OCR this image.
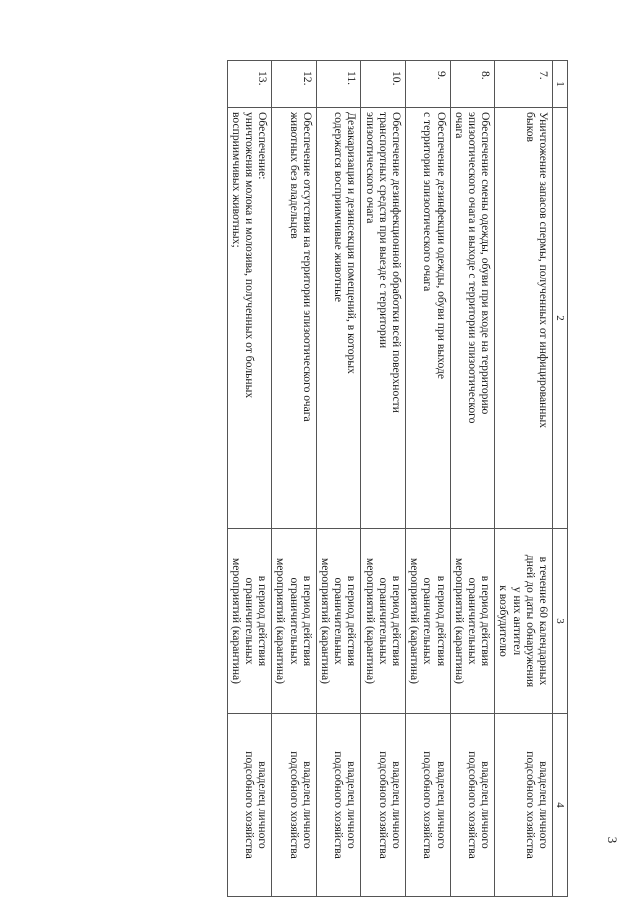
3
1	2	3	4
7.	Уничтожение запасов спермы, полученных от инфицированных
быков	в течение 60 календарных
дней до даты обнаружения
у них антител
к возбудителю	владелец личного
подсобного хозяйства

8.	Обеспечение смены одежды, обуви при входе на территорию
эпизоотического очага и выходе с территории эпизоотического
очага	в период действия
ограничительных
мероприятий (карантина)	владелец личного
подсобного хозяйства

9.	Обеспечение дезинфекции одежды, обуви при выходе
с территории эпизоотического очага	в период действия
ограничительных
мероприятий (карантина)	владелец личного
подсобного хозяйства

10.	Обеспечение дезинфекционной обработки всей поверхности
транспортных средств при выезде с территории
эпизоотического очага	в период действия
ограничительных
мероприятий (карантина)	владелец личного
подсобного хозяйства

11.	Дезакаризация и дезинсекция помещений, в которых
содержатся восприимчивые животные	в период действия
ограничительных
мероприятий (карантина)	владелец личного
подсобного хозяйства

12.	Обеспечение отсутствия на территории эпизоотического очага
животных без владельцев	в период действия
ограничительных
мероприятий (карантина)	владелец личного
подсобного хозяйства

13.	Обеспечение:
уничтожения молока и молозива, полученных от больных
восприимчивых животных;	в период действия
ограничительных
мероприятий (карантина)	владелец личного
подсобного хозяйства
